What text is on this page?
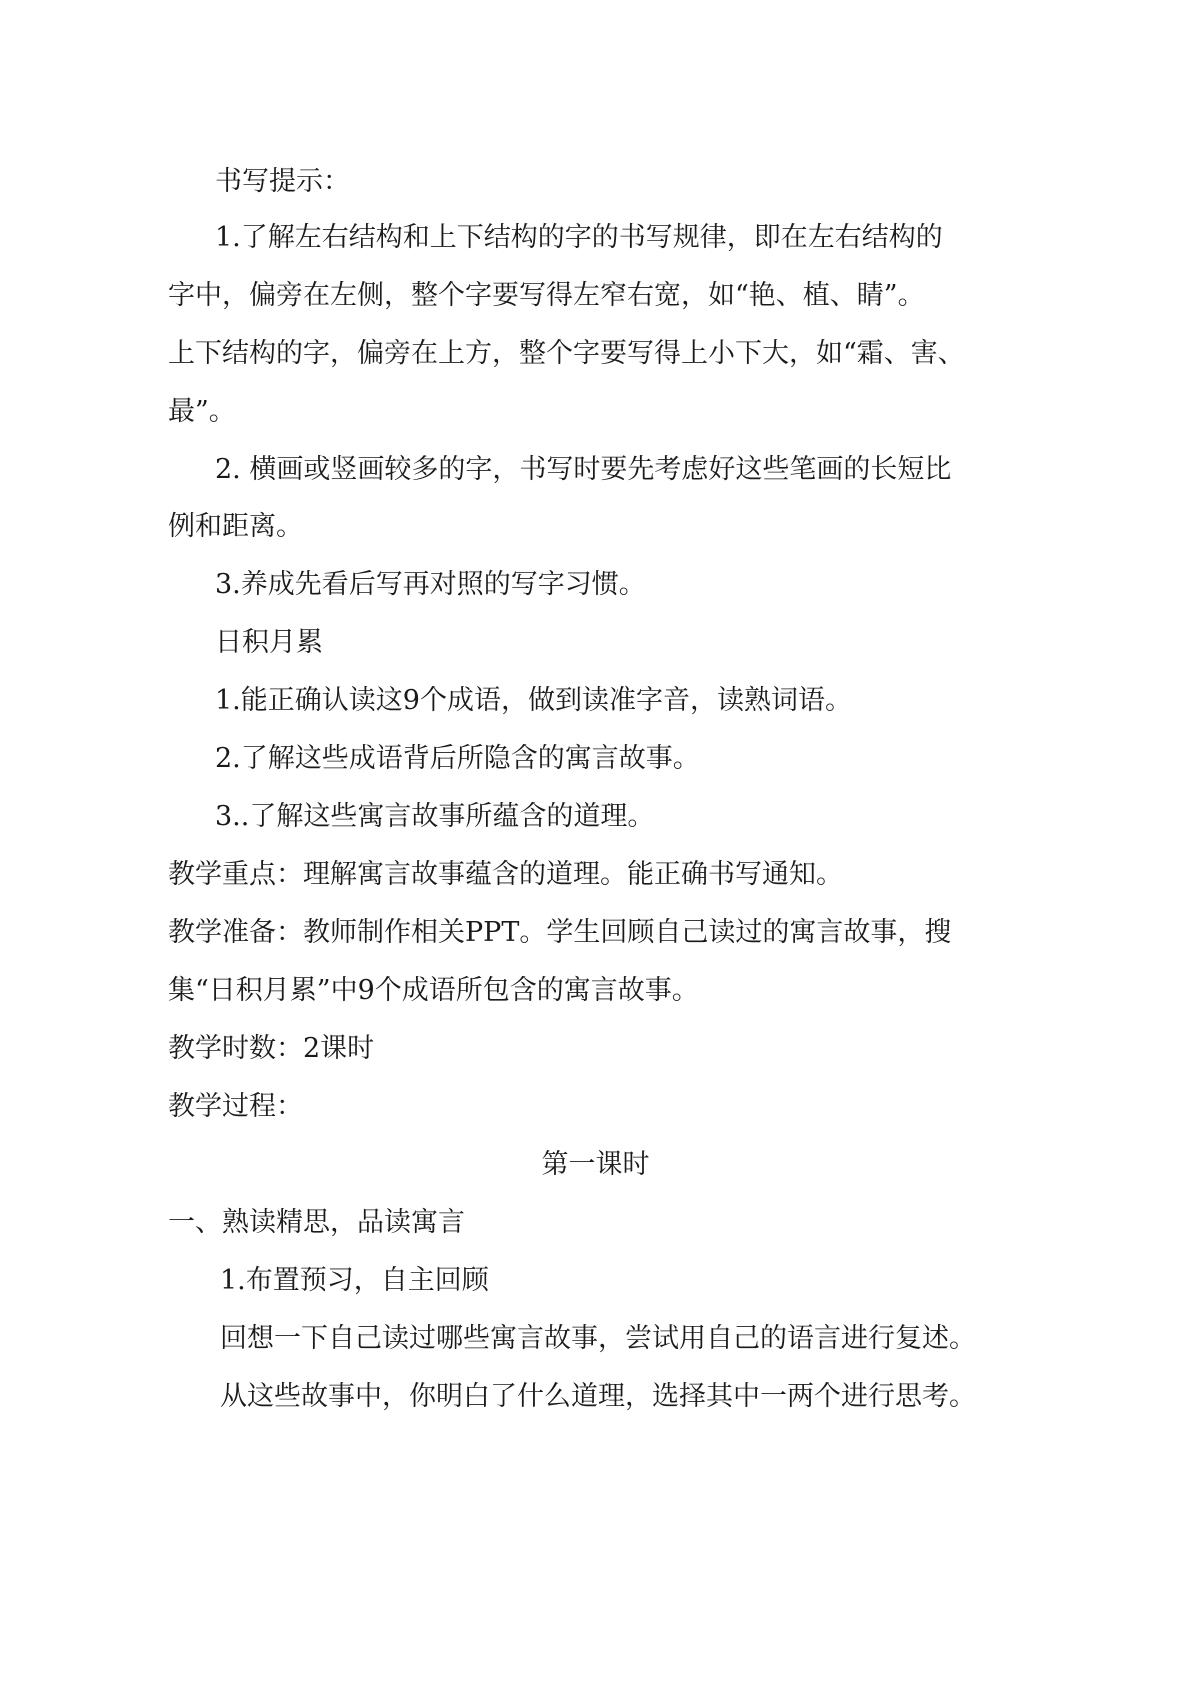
书写提示：
1.了解左右结构和上下结构的字的书写规律，即在左右结构的
字中，偏旁在左侧，整个字要写得左窄右宽，如“艳、植、睛”。
上下结构的字，偏旁在上方，整个字要写得上小下大，如“霜、害、
最”。
2. 横画或竖画较多的字，书写时要先考虑好这些笔画的长短比
例和距离。
3.养成先看后写再对照的写字习惯。
日积月累
1.能正确认读这9个成语，做到读准字音，读熟词语。
2.了解这些成语背后所隐含的寓言故事。
3..了解这些寓言故事所蕴含的道理。
教学重点：理解寓言故事蕴含的道理。能正确书写通知。
教学准备：教师制作相关PPT。学生回顾自己读过的寓言故事，搜
集“日积月累”中9个成语所包含的寓言故事。
教学时数：2课时
教学过程：
第一课时
一、熟读精思，品读寓言
1.布置预习，自主回顾
回想一下自己读过哪些寓言故事，尝试用自己的语言进行复述。
从这些故事中，你明白了什么道理，选择其中一两个进行思考。
